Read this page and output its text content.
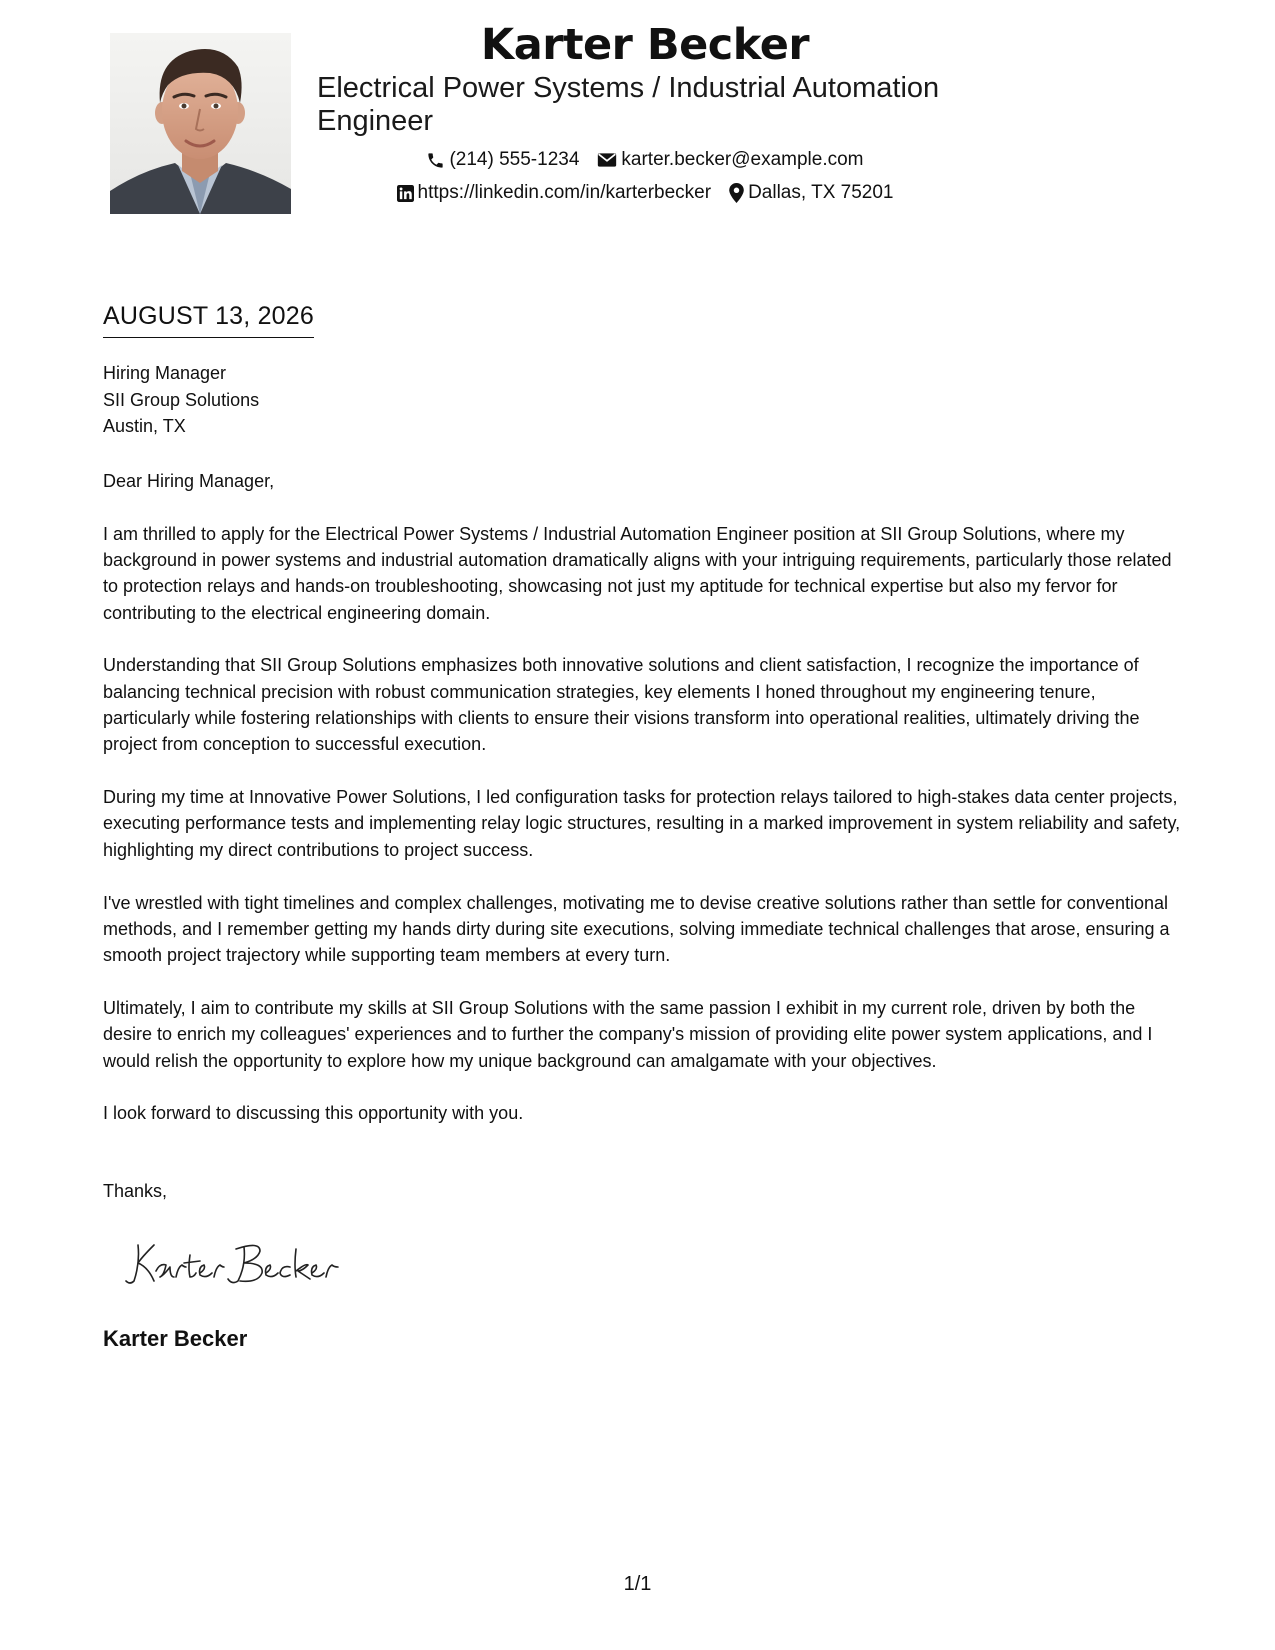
Karter Becker
Electrical Power Systems / Industrial Automation Engineer
(214) 555-1234 karter.becker@example.com
https://linkedin.com/in/karterbecker Dallas, TX 75201
AUGUST 13, 2026
Hiring Manager
SII Group Solutions
Austin, TX

Dear Hiring Manager,

I am thrilled to apply for the Electrical Power Systems / Industrial Automation Engineer position at SII Group Solutions, where my background in power systems and industrial automation dramatically aligns with your intriguing requirements, particularly those related to protection relays and hands-on troubleshooting, showcasing not just my aptitude for technical expertise but also my fervor for contributing to the electrical engineering domain.

Understanding that SII Group Solutions emphasizes both innovative solutions and client satisfaction, I recognize the importance of balancing technical precision with robust communication strategies, key elements I honed throughout my engineering tenure, particularly while fostering relationships with clients to ensure their visions transform into operational realities, ultimately driving the project from conception to successful execution.

During my time at Innovative Power Solutions, I led configuration tasks for protection relays tailored to high-stakes data center projects, executing performance tests and implementing relay logic structures, resulting in a marked improvement in system reliability and safety, highlighting my direct contributions to project success.

I've wrestled with tight timelines and complex challenges, motivating me to devise creative solutions rather than settle for conventional methods, and I remember getting my hands dirty during site executions, solving immediate technical challenges that arose, ensuring a smooth project trajectory while supporting team members at every turn.

Ultimately, I aim to contribute my skills at SII Group Solutions with the same passion I exhibit in my current role, driven by both the desire to enrich my colleagues' experiences and to further the company's mission of providing elite power system applications, and I would relish the opportunity to explore how my unique background can amalgamate with your objectives.

I look forward to discussing this opportunity with you.

Thanks,
Karter Becker
1/1
